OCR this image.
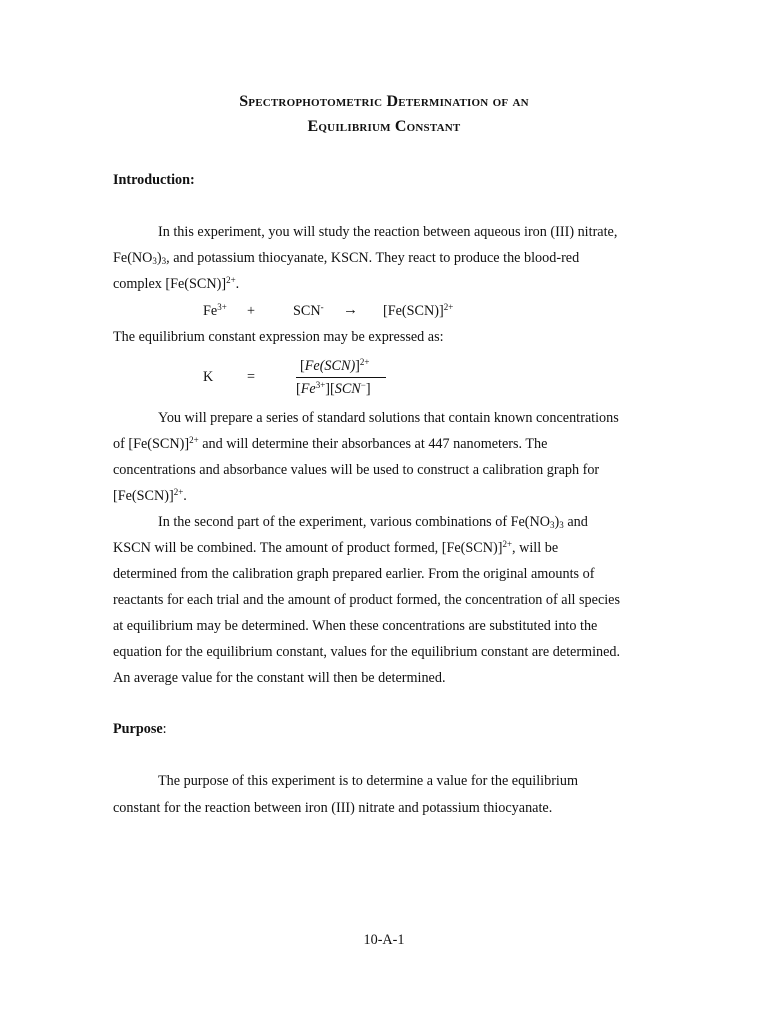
Spectrophotometric Determination of an
Equilibrium Constant
Introduction:
In this experiment, you will study the reaction between aqueous iron (III) nitrate,
$Fe(NO_3)_3$, and potassium thiocyanate, KSCN. They react to produce the blood-red
complex $[Fe(SCN)]^{2+}$.
$Fe^{3+}$ +	$SCN^- \to [Fe(SCN)]^{2+}$
The equilibrium constant expression may be expressed as:
K =
$[Fe(SCN)]^{2+}$
$[Fe^{3+}][SCN^-]$
You will prepare a series of standard solutions that contain known concentrations
of $[Fe(SCN)]^{2+}$ and will determine their absorbances at 447 nanometers. The
concentrations and absorbance values will be used to construct a calibration graph for
$[Fe(SCN)]^{2+}$.
In the second part of the experiment, various combinations of $Fe(NO_3)_3$ and
KSCN will be combined. The amount of product formed, $[Fe(SCN)]^{2+}$, will be
determined from the calibration graph prepared earlier. From the original amounts of
reactants for each trial and the amount of product formed, the concentration of all species
at equilibrium may be determined. When these concentrations are substituted into the
equation for the equilibrium constant, values for the equilibrium constant are determined.
An average value for the constant will then be determined.
Purpose:
The purpose of this experiment is to determine a value for the equilibrium
constant for the reaction between iron (III) nitrate and potassium thiocyanate.
10-A-1
